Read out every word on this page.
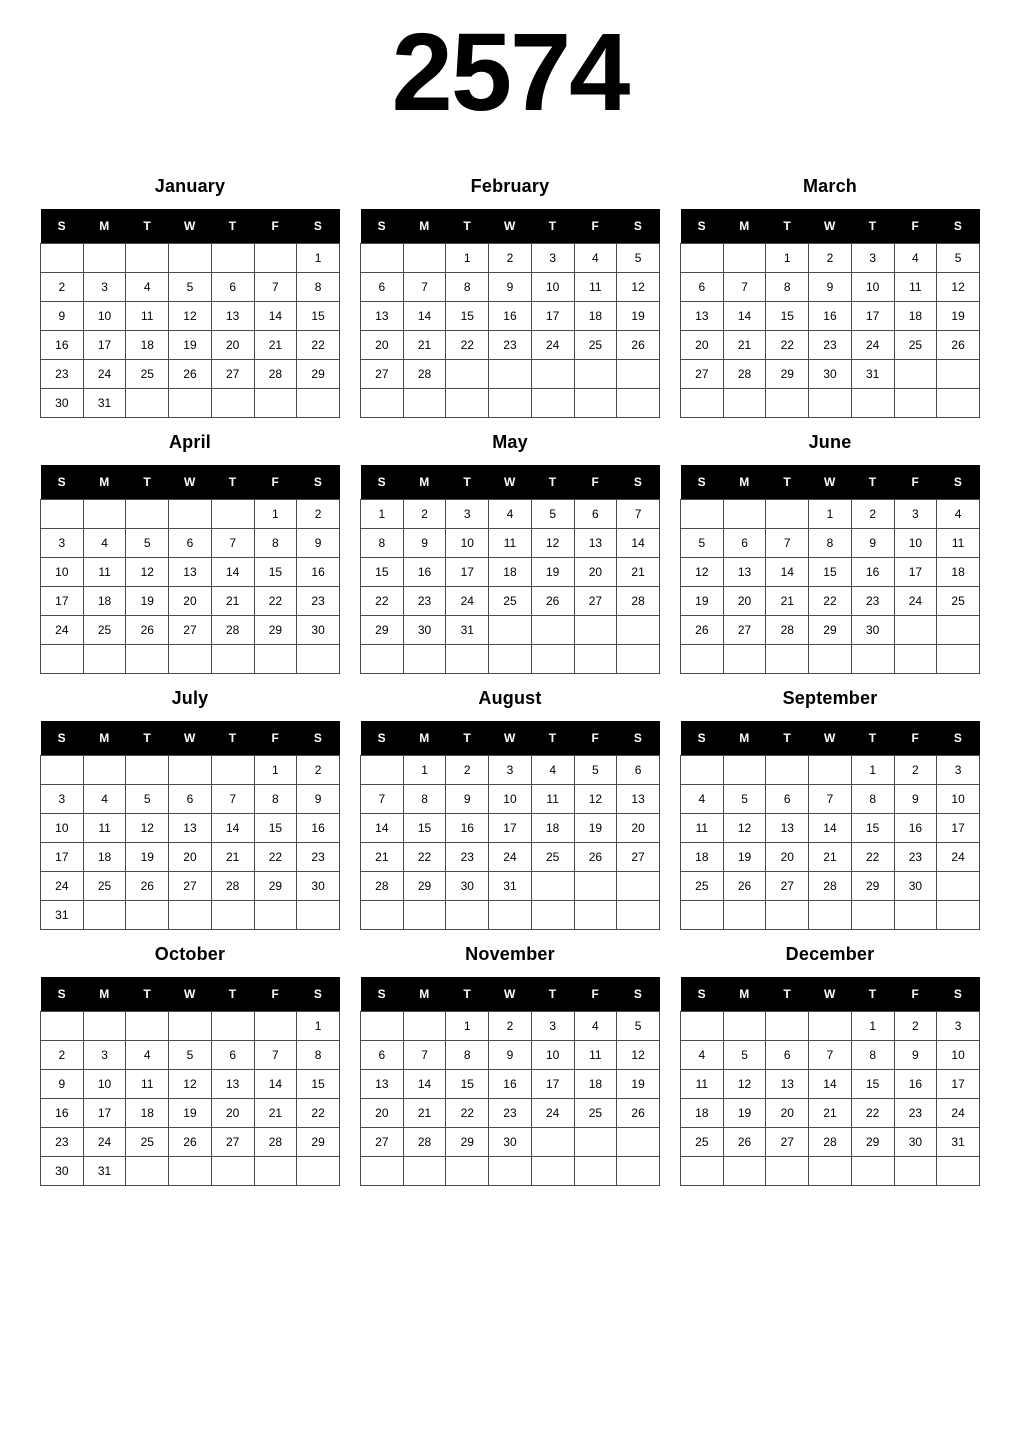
2574
January
S	M	T	W	T	F	S
						1
2	3	4	5	6	7	8
9	10	11	12	13	14	15
16	17	18	19	20	21	22
23	24	25	26	27	28	29
30	31					
February
S	M	T	W	T	F	S
		1	2	3	4	5
6	7	8	9	10	11	12
13	14	15	16	17	18	19
20	21	22	23	24	25	26
27	28					

March
S	M	T	W	T	F	S
		1	2	3	4	5
6	7	8	9	10	11	12
13	14	15	16	17	18	19
20	21	22	23	24	25	26
27	28	29	30	31		

April
S	M	T	W	T	F	S
					1	2
3	4	5	6	7	8	9
10	11	12	13	14	15	16
17	18	19	20	21	22	23
24	25	26	27	28	29	30

May
S	M	T	W	T	F	S
1	2	3	4	5	6	7
8	9	10	11	12	13	14
15	16	17	18	19	20	21
22	23	24	25	26	27	28
29	30	31				

June
S	M	T	W	T	F	S
			1	2	3	4
5	6	7	8	9	10	11
12	13	14	15	16	17	18
19	20	21	22	23	24	25
26	27	28	29	30		

July
S	M	T	W	T	F	S
					1	2
3	4	5	6	7	8	9
10	11	12	13	14	15	16
17	18	19	20	21	22	23
24	25	26	27	28	29	30
31						
August
S	M	T	W	T	F	S
	1	2	3	4	5	6
7	8	9	10	11	12	13
14	15	16	17	18	19	20
21	22	23	24	25	26	27
28	29	30	31			

September
S	M	T	W	T	F	S
				1	2	3
4	5	6	7	8	9	10
11	12	13	14	15	16	17
18	19	20	21	22	23	24
25	26	27	28	29	30	

October
S	M	T	W	T	F	S
						1
2	3	4	5	6	7	8
9	10	11	12	13	14	15
16	17	18	19	20	21	22
23	24	25	26	27	28	29
30	31					
November
S	M	T	W	T	F	S
		1	2	3	4	5
6	7	8	9	10	11	12
13	14	15	16	17	18	19
20	21	22	23	24	25	26
27	28	29	30			

December
S	M	T	W	T	F	S
				1	2	3
4	5	6	7	8	9	10
11	12	13	14	15	16	17
18	19	20	21	22	23	24
25	26	27	28	29	30	31
